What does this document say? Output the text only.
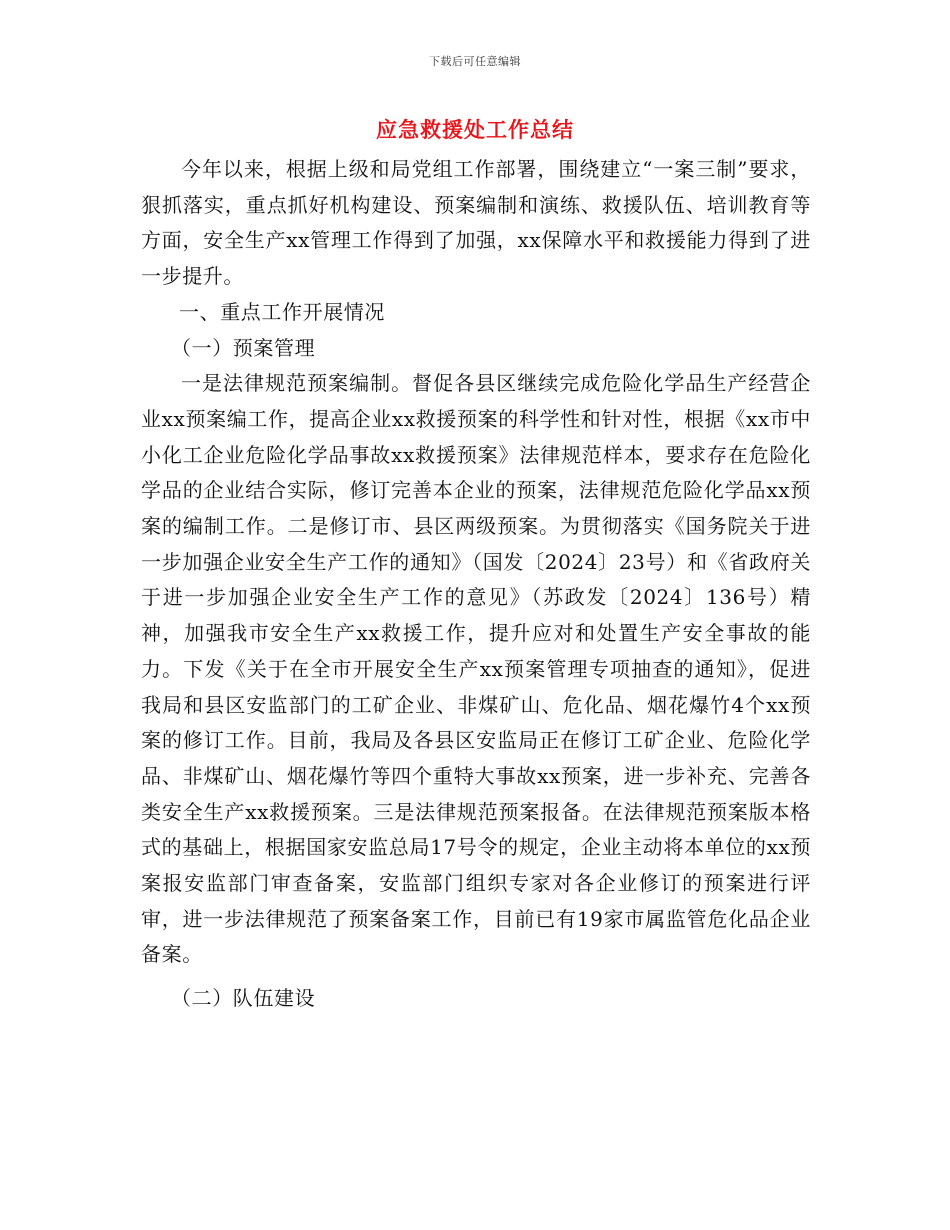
下载后可任意编辑
应急救援处工作总结

今年以来，根据上级和局党组工作部署，围绕建立“一案三制”要求，狠抓落实，重点抓好机构建设、预案编制和演练、救援队伍、培训教育等方面，安全生产xx管理工作得到了加强，xx保障水平和救援能力得到了进一步提升。

一、重点工作开展情况

（一）预案管理

一是法律规范预案编制。督促各县区继续完成危险化学品生产经营企业xx预案编工作，提高企业xx救援预案的科学性和针对性，根据《xx市中小化工企业危险化学品事故xx救援预案》法律规范样本，要求存在危险化学品的企业结合实际，修订完善本企业的预案，法律规范危险化学品xx预案的编制工作。二是修订市、县区两级预案。为贯彻落实《国务院关于进一步加强企业安全生产工作的通知》（国发〔2024〕23号）和《省政府关于进一步加强企业安全生产工作的意见》（苏政发〔2024〕136号）精神，加强我市安全生产xx救援工作，提升应对和处置生产安全事故的能力。下发《关于在全市开展安全生产xx预案管理专项抽查的通知》，促进我局和县区安监部门的工矿企业、非煤矿山、危化品、烟花爆竹4个xx预案的修订工作。目前，我局及各县区安监局正在修订工矿企业、危险化学品、非煤矿山、烟花爆竹等四个重特大事故xx预案，进一步补充、完善各类安全生产xx救援预案。三是法律规范预案报备。在法律规范预案版本格式的基础上，根据国家安监总局17号令的规定，企业主动将本单位的xx预案报安监部门审查备案，安监部门组织专家对各企业修订的预案进行评审，进一步法律规范了预案备案工作，目前已有19家市属监管危化品企业备案。

（二）队伍建设
